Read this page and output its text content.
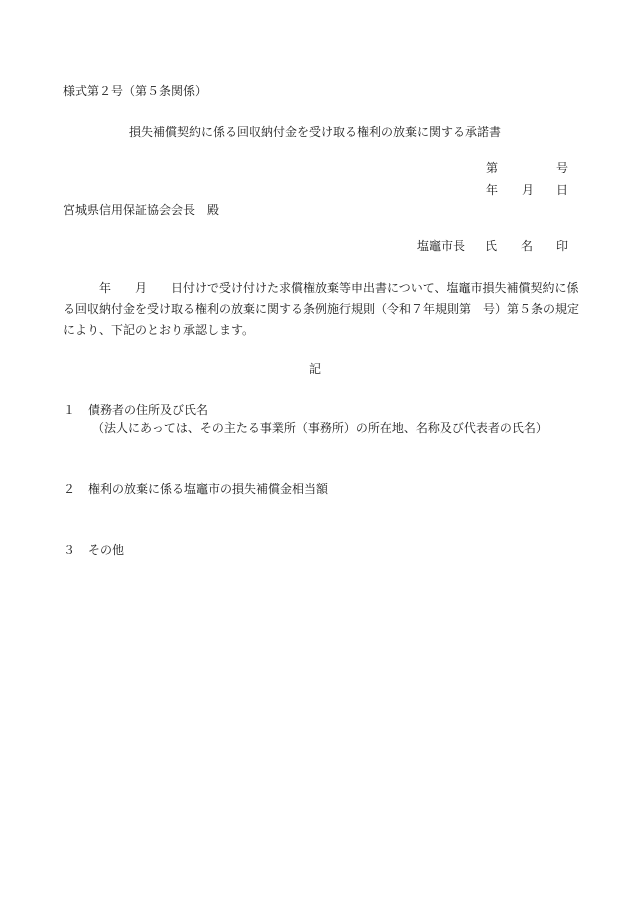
様式第２号（第５条関係）
損失補償契約に係る回収納付金を受け取る権利の放棄に関する承諾書
第	号
年 月 日
宮城県信用保証協会会長　殿
塩竈市長 氏 名 印
年　　月　　日付けで受け付けた求償権放棄等申出書について、塩竈市損失補償契約に係
る回収納付金を受け取る権利の放棄に関する条例施行規則（令和７年規則第　号）第５条の規定
により、下記のとおり承認します。
記
１ 債務者の住所及び氏名
（法人にあっては、その主たる事業所（事務所）の所在地、名称及び代表者の氏名）
２ 権利の放棄に係る塩竈市の損失補償金相当額
３ その他
